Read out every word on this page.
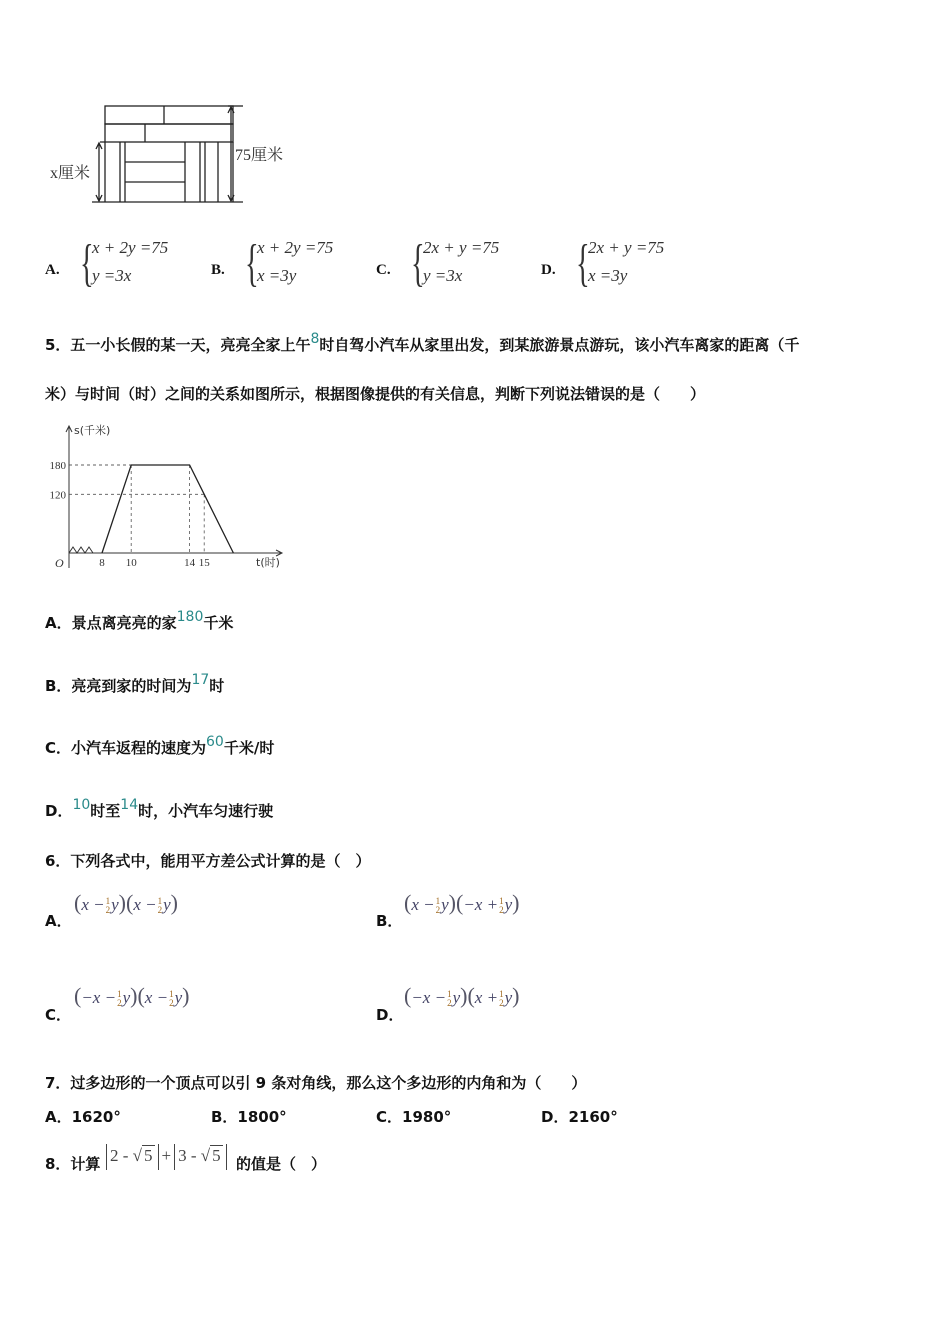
x厘米
75厘米
A. {
x + 2y =75
y =3x	B. {
x + 2y =75
x =3y	C. {
2x + y =75
y =3x	D. {
2x + y =75
x =3y
5．五一小长假的某一天，亮亮全家上午8时自驾小汽车从家里出发，到某旅游景点游玩，该小汽车离家的距离（千
米）与时间（时）之间的关系如图所示，根据图像提供的有关信息，判断下列说法错误的是（　　）
s(千米)
t(时)
O	8 10	14 15
120
180
A．景点离亮亮的家180千米
B．亮亮到家的时间为17时
C．小汽车返程的速度为60千米/时
D．10时至14时，小汽车匀速行驶
6．下列各式中，能用平方差公式计算的是（　）
A．
(x − 1
2 y)(x − 1
2 y)
B．
(x − 1
2 y)(−x + 1
2 y)
C．
(−x − 1
2 y)(x − 1
2 y)
D．
(−x − 1
2 y)(x + 1
2 y)
7．过多边形的一个顶点可以引 9 条对角线，那么这个多边形的内角和为（　　）
A．1620°	B．1800°	C．1980°	D．2160°
8．计算 2 - √ 5 + 3 - √ 5	的值是（　）
